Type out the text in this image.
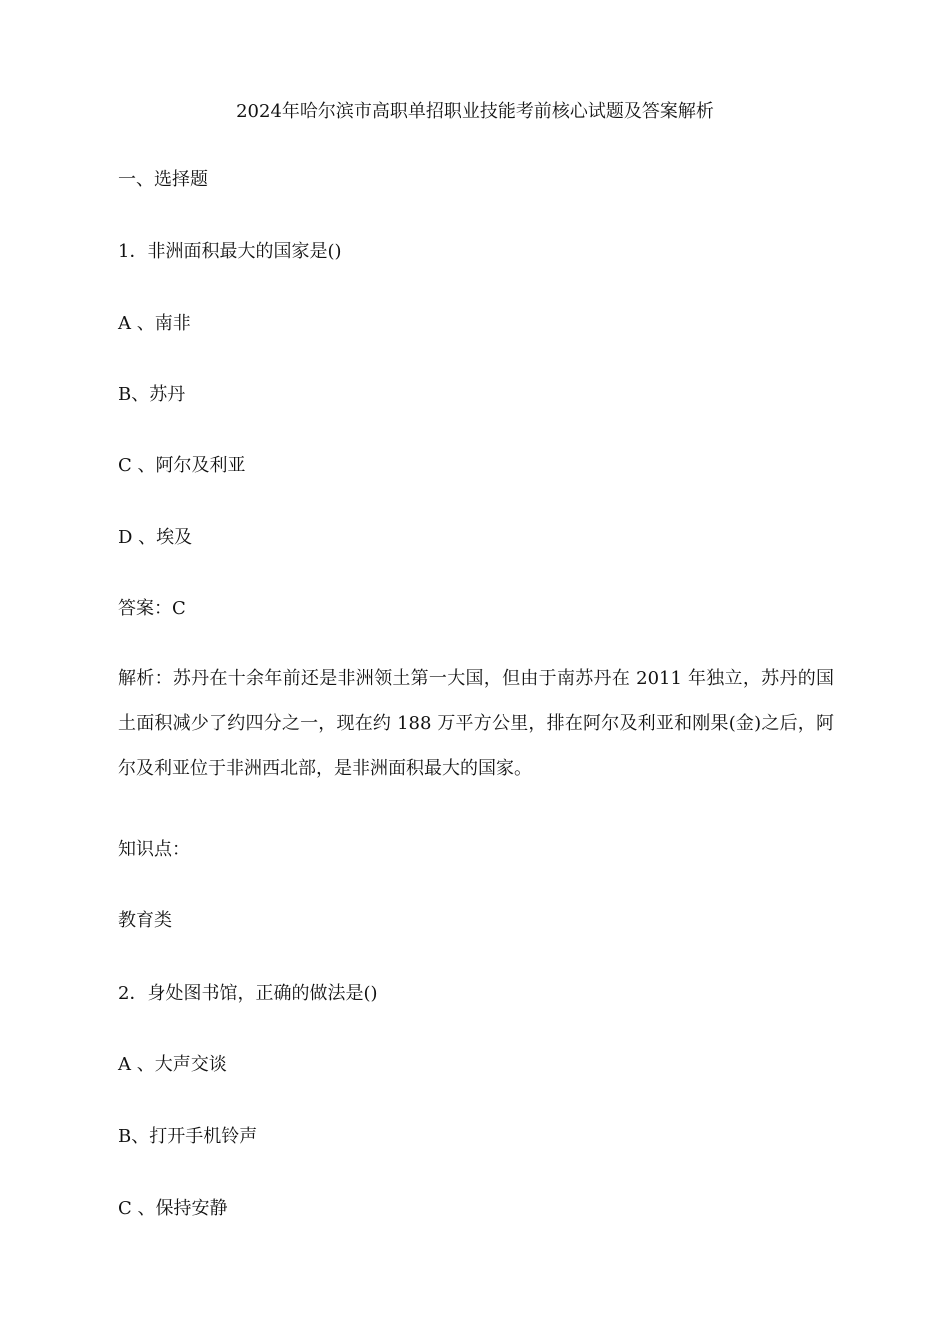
2024年哈尔滨市高职单招职业技能考前核心试题及答案解析
一、选择题
1．非洲面积最大的国家是()
A 、南非
B、苏丹
C 、阿尔及利亚
D 、埃及
答案：C
解析：苏丹在十余年前还是非洲领土第一大国，但由于南苏丹在 2011 年独立，苏丹的国土面积减少了约四分之一，现在约 188 万平方公里，排在阿尔及利亚和刚果(金)之后，阿尔及利亚位于非洲西北部，是非洲面积最大的国家。
知识点：
教育类
2．身处图书馆，正确的做法是()
A 、大声交谈
B、打开手机铃声
C 、保持安静
